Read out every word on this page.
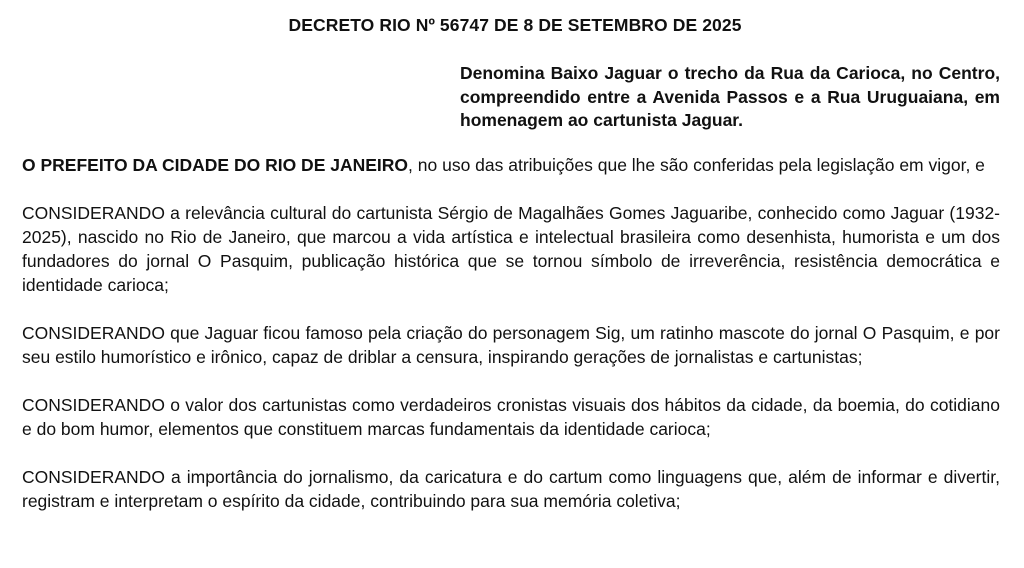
DECRETO RIO Nº 56747 DE 8 DE SETEMBRO DE 2025

Denomina Baixo Jaguar o trecho da Rua da Carioca, no Centro, compreendido entre a Avenida Passos e a Rua Uruguaiana, em homenagem ao cartunista Jaguar.

O PREFEITO DA CIDADE DO RIO DE JANEIRO, no uso das atribuições que lhe são conferidas pela legislação em vigor, e

CONSIDERANDO a relevância cultural do cartunista Sérgio de Magalhães Gomes Jaguaribe, conhecido como Jaguar (1932-2025), nascido no Rio de Janeiro, que marcou a vida artística e intelectual brasileira como desenhista, humorista e um dos fundadores do jornal O Pasquim, publicação histórica que se tornou símbolo de irreverência, resistência democrática e identidade carioca;

CONSIDERANDO que Jaguar ficou famoso pela criação do personagem Sig, um ratinho mascote do jornal O Pasquim, e por seu estilo humorístico e irônico, capaz de driblar a censura, inspirando gerações de jornalistas e cartunistas;

CONSIDERANDO o valor dos cartunistas como verdadeiros cronistas visuais dos hábitos da cidade, da boemia, do cotidiano e do bom humor, elementos que constituem marcas fundamentais da identidade carioca;

CONSIDERANDO a importância do jornalismo, da caricatura e do cartum como linguagens que, além de informar e divertir, registram e interpretam o espírito da cidade, contribuindo para sua memória coletiva;
